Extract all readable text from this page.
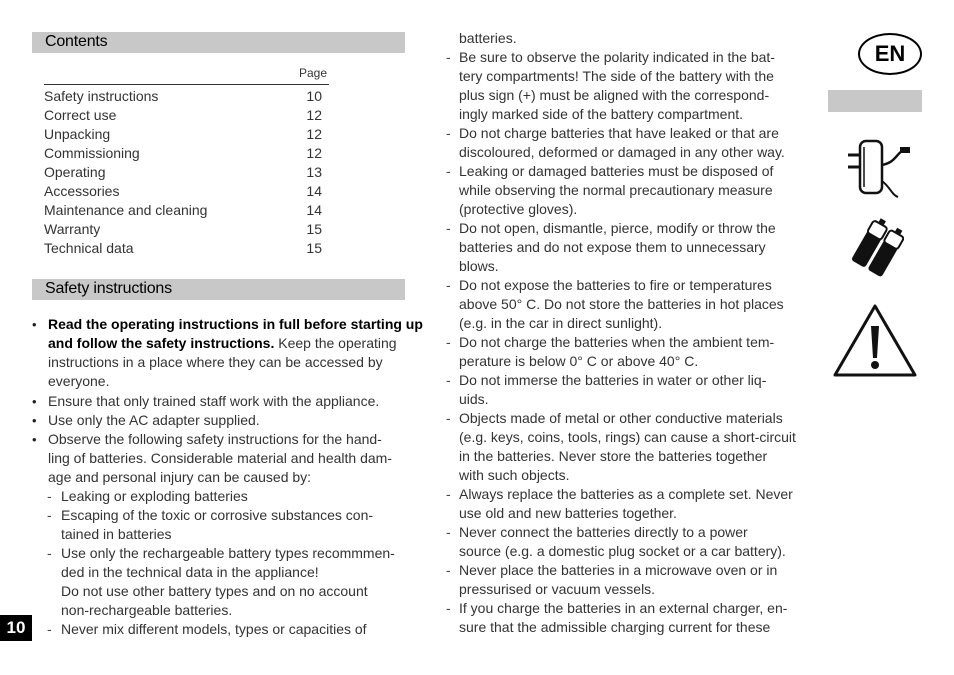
Contents
Page
Safety instructions	10
Correct use	12
Unpacking	12
Commissioning	12
Operating	13
Accessories	14
Maintenance and cleaning	14
Warranty	15
Technical data	15
Safety instructions
• Read the operating instructions in full before starting up
and follow the safety instructions. Keep the operating
instructions in a place where they can be accessed by
everyone.
• Ensure that only trained staff work with the appliance.
• Use only the AC adapter supplied.
• Observe the following safety instructions for the hand-
ling of batteries. Considerable material and health dam-
age and personal injury can be caused by:
- Leaking or exploding batteries
- Escaping of the toxic or corrosive substances con-
tained in batteries
- Use only the rechargeable battery types recommmen-
ded in the technical data in the appliance!
Do not use other battery types and on no account
non-rechargeable batteries.
- Never mix different models, types or capacities of
batteries.
- Be sure to observe the polarity indicated in the bat-
tery compartments! The side of the battery with the
plus sign (+) must be aligned with the correspond-
ingly marked side of the battery compartment.
- Do not charge batteries that have leaked or that are
discoloured, deformed or damaged in any other way.
- Leaking or damaged batteries must be disposed of
while observing the normal precautionary measure
(protective gloves).
- Do not open, dismantle, pierce, modify or throw the
batteries and do not expose them to unnecessary
blows.
- Do not expose the batteries to fire or temperatures
above 50° C. Do not store the batteries in hot places
(e.g. in the car in direct sunlight).
- Do not charge the batteries when the ambient tem-
perature is below 0° C or above 40° C.
- Do not immerse the batteries in water or other liq-
uids.
- Objects made of metal or other conductive materials
(e.g. keys, coins, tools, rings) can cause a short-circuit
in the batteries. Never store the batteries together
with such objects.
- Always replace the batteries as a complete set. Never
use old and new batteries together.
- Never connect the batteries directly to a power
source (e.g. a domestic plug socket or a car battery).
- Never place the batteries in a microwave oven or in
pressurised or vacuum vessels.
- If you charge the batteries in an external charger, en-
sure that the admissible charging current for these
10
EN
